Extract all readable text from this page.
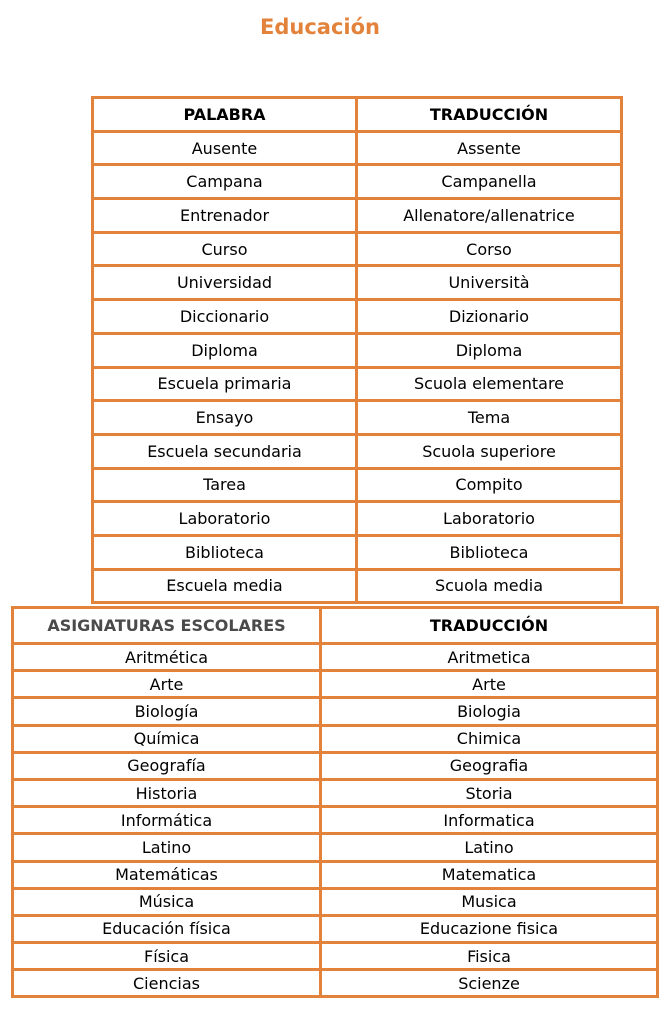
Educación
PALABRA	TRADUCCIÓN
Ausente	Assente
Campana	Campanella
Entrenador	Allenatore/allenatrice
Curso	Corso
Universidad	Università
Diccionario	Dizionario
Diploma	Diploma
Escuela primaria	Scuola elementare
Ensayo	Tema
Escuela secundaria	Scuola superiore
Tarea	Compito
Laboratorio	Laboratorio
Biblioteca	Biblioteca
Escuela media	Scuola media
ASIGNATURAS ESCOLARES	TRADUCCIÓN
Aritmética	Aritmetica
Arte	Arte
Biología	Biologia
Química	Chimica
Geografía	Geografia
Historia	Storia
Informática	Informatica
Latino	Latino
Matemáticas	Matematica
Música	Musica
Educación física	Educazione fisica
Física	Fisica
Ciencias	Scienze
